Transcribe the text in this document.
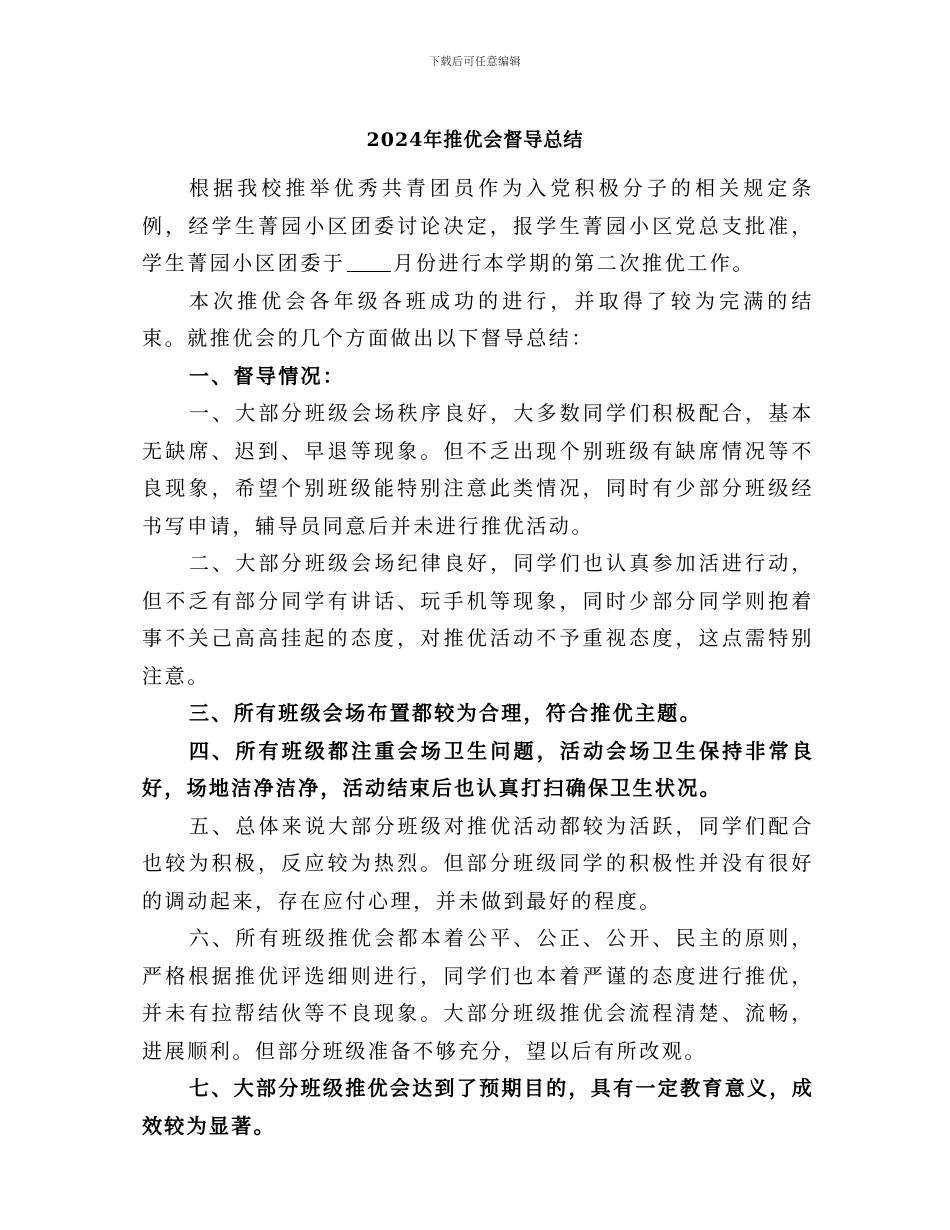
下载后可任意编辑
2024年推优会督导总结

根据我校推举优秀共青团员作为入党积极分子的相关规定条例，经学生菁园小区团委讨论决定，报学生菁园小区党总支批准，学生菁园小区团委于 月份进行本学期的第二次推优工作。

本次推优会各年级各班成功的进行，并取得了较为完满的结束。就推优会的几个方面做出以下督导总结：

一、督导情况：

一、大部分班级会场秩序良好，大多数同学们积极配合，基本无缺席、迟到、早退等现象。但不乏出现个别班级有缺席情况等不良现象，希望个别班级能特别注意此类情况，同时有少部分班级经书写申请，辅导员同意后并未进行推优活动。

二、大部分班级会场纪律良好，同学们也认真参加活进行动，但不乏有部分同学有讲话、玩手机等现象，同时少部分同学则抱着事不关己高高挂起的态度，对推优活动不予重视态度，这点需特别注意。

三、所有班级会场布置都较为合理，符合推优主题。

四、所有班级都注重会场卫生问题，活动会场卫生保持非常良好，场地洁净洁净，活动结束后也认真打扫确保卫生状况。

五、总体来说大部分班级对推优活动都较为活跃，同学们配合也较为积极，反应较为热烈。但部分班级同学的积极性并没有很好的调动起来，存在应付心理，并未做到最好的程度。

六、所有班级推优会都本着公平、公正、公开、民主的原则，严格根据推优评选细则进行，同学们也本着严谨的态度进行推优，并未有拉帮结伙等不良现象。大部分班级推优会流程清楚、流畅，进展顺利。但部分班级准备不够充分，望以后有所改观。

七、大部分班级推优会达到了预期目的，具有一定教育意义，成效较为显著。
